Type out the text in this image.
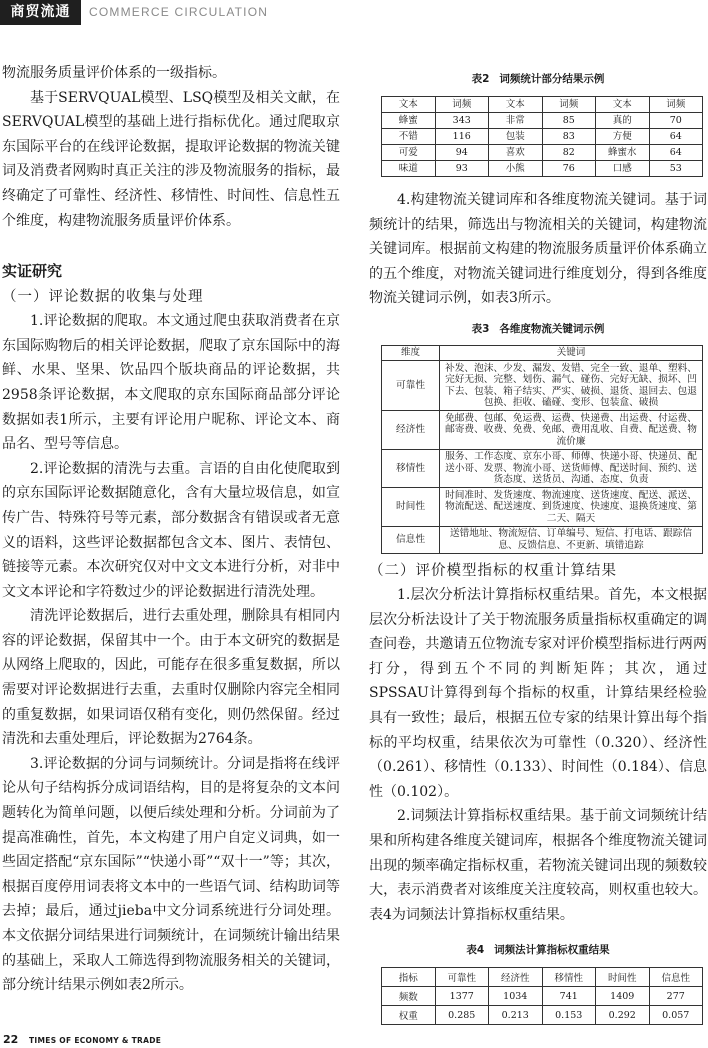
商贸流通	COMMERCE CIRCULATION

物流服务质量评价体系的一级指标。

基于SERVQUAL模型、LSQ模型及相关文献，在SERVQUAL模型的基础上进行指标优化。通过爬取京东国际平台的在线评论数据，提取评论数据的物流关键词及消费者网购时真正关注的涉及物流服务的指标，最终确定了可靠性、经济性、移情性、时间性、信息性五个维度，构建物流服务质量评价体系。

实证研究
（一）评论数据的收集与处理

1.评论数据的爬取。本文通过爬虫获取消费者在京东国际购物后的相关评论数据，爬取了京东国际中的海鲜、水果、坚果、饮品四个版块商品的评论数据，共2958条评论数据，本文爬取的京东国际商品部分评论数据如表1所示，主要有评论用户昵称、评论文本、商品名、型号等信息。

2.评论数据的清洗与去重。言语的自由化使爬取到的京东国际评论数据随意化，含有大量垃圾信息，如宣传广告、特殊符号等元素，部分数据含有错误或者无意义的语料，这些评论数据都包含文本、图片、表情包、链接等元素。本次研究仅对中文文本进行分析，对非中文文本评论和字符数过少的评论数据进行清洗处理。

清洗评论数据后，进行去重处理，删除具有相同内容的评论数据，保留其中一个。由于本文研究的数据是从网络上爬取的，因此，可能存在很多重复数据，所以需要对评论数据进行去重，去重时仅删除内容完全相同的重复数据，如果词语仅稍有变化，则仍然保留。经过清洗和去重处理后，评论数据为2764条。

3.评论数据的分词与词频统计。分词是指将在线评论从句子结构拆分成词语结构，目的是将复杂的文本问题转化为简单问题，以便后续处理和分析。分词前为了提高准确性，首先，本文构建了用户自定义词典，如一些固定搭配“京东国际”“快递小哥”“双十一”等；其次，根据百度停用词表将文本中的一些语气词、结构助词等去掉；最后，通过jieba中文分词系统进行分词处理。本文依据分词结果进行词频统计，在词频统计输出结果的基础上，采取人工筛选得到物流服务相关的关键词，部分统计结果示例如表2所示。

表2 词频统计部分结果示例
文本	词频	文本	词频	文本	词频
蜂蜜	343	非常	85	真的	70
不错	116	包装	83	方便	64
可爱	94	喜欢	82	蜂蜜水	64
味道	93	小熊	76	口感	53

4.构建物流关键词库和各维度物流关键词。基于词频统计的结果，筛选出与物流相关的关键词，构建物流关键词库。根据前文构建的物流服务质量评价体系确立的五个维度，对物流关键词进行维度划分，得到各维度物流关键词示例，如表3所示。

表3 各维度物流关键词示例
维度	关键词
可靠性	补发、泡沫、少发、漏发、发错、完全一致、退单、塑料、完好无损、完整、划伤、漏气、碰伤、完好无缺、损坏、凹下去、包装、箱子结实、严实、破损、退货、退回去、包退包换、拒收、磕碰、变形、包装盒、破损
经济性	免邮费、包邮、免运费、运费、快递费、出运费、付运费、邮寄费、收费、免费、免邮、费用乱收、自费、配送费、物流价廉
移情性	服务、工作态度、京东小哥、师傅、快递小哥、快递员、配送小哥、发票、物流小哥、送货师傅、配送时间、预约、送货态度、送货员、沟通、态度、负责
时间性	时间准时、发货速度、物流速度、送货速度、配送、派送、物流配送、配送速度、到货速度、快速度、退换货速度、第二天、隔天
信息性	送错地址、物流短信、订单编号、短信、打电话、跟踪信息、反馈信息、不更新、填错追踪
（二）评价模型指标的权重计算结果

1.层次分析法计算指标权重结果。首先，本文根据层次分析法设计了关于物流服务质量指标权重确定的调查问卷，共邀请五位物流专家对评价模型指标进行两两打分，得到五个不同的判断矩阵；其次，通过SPSSAU计算得到每个指标的权重，计算结果经检验具有一致性；最后，根据五位专家的结果计算出每个指标的平均权重，结果依次为可靠性（0.320）、经济性（0.261）、移情性（0.133）、时间性（0.184）、信息性（0.102）。

2.词频法计算指标权重结果。基于前文词频统计结果和所构建各维度关键词库，根据各个维度物流关键词出现的频率确定指标权重，若物流关键词出现的频数较大，表示消费者对该维度关注度较高，则权重也较大。表4为词频法计算指标权重结果。

表4 词频法计算指标权重结果
指标	可靠性	经济性	移情性	时间性	信息性
频数	1377	1034	741	1409	277
权重	0.285	0.213	0.153	0.292	0.057
22 TIMES OF ECONOMY & TRADE
